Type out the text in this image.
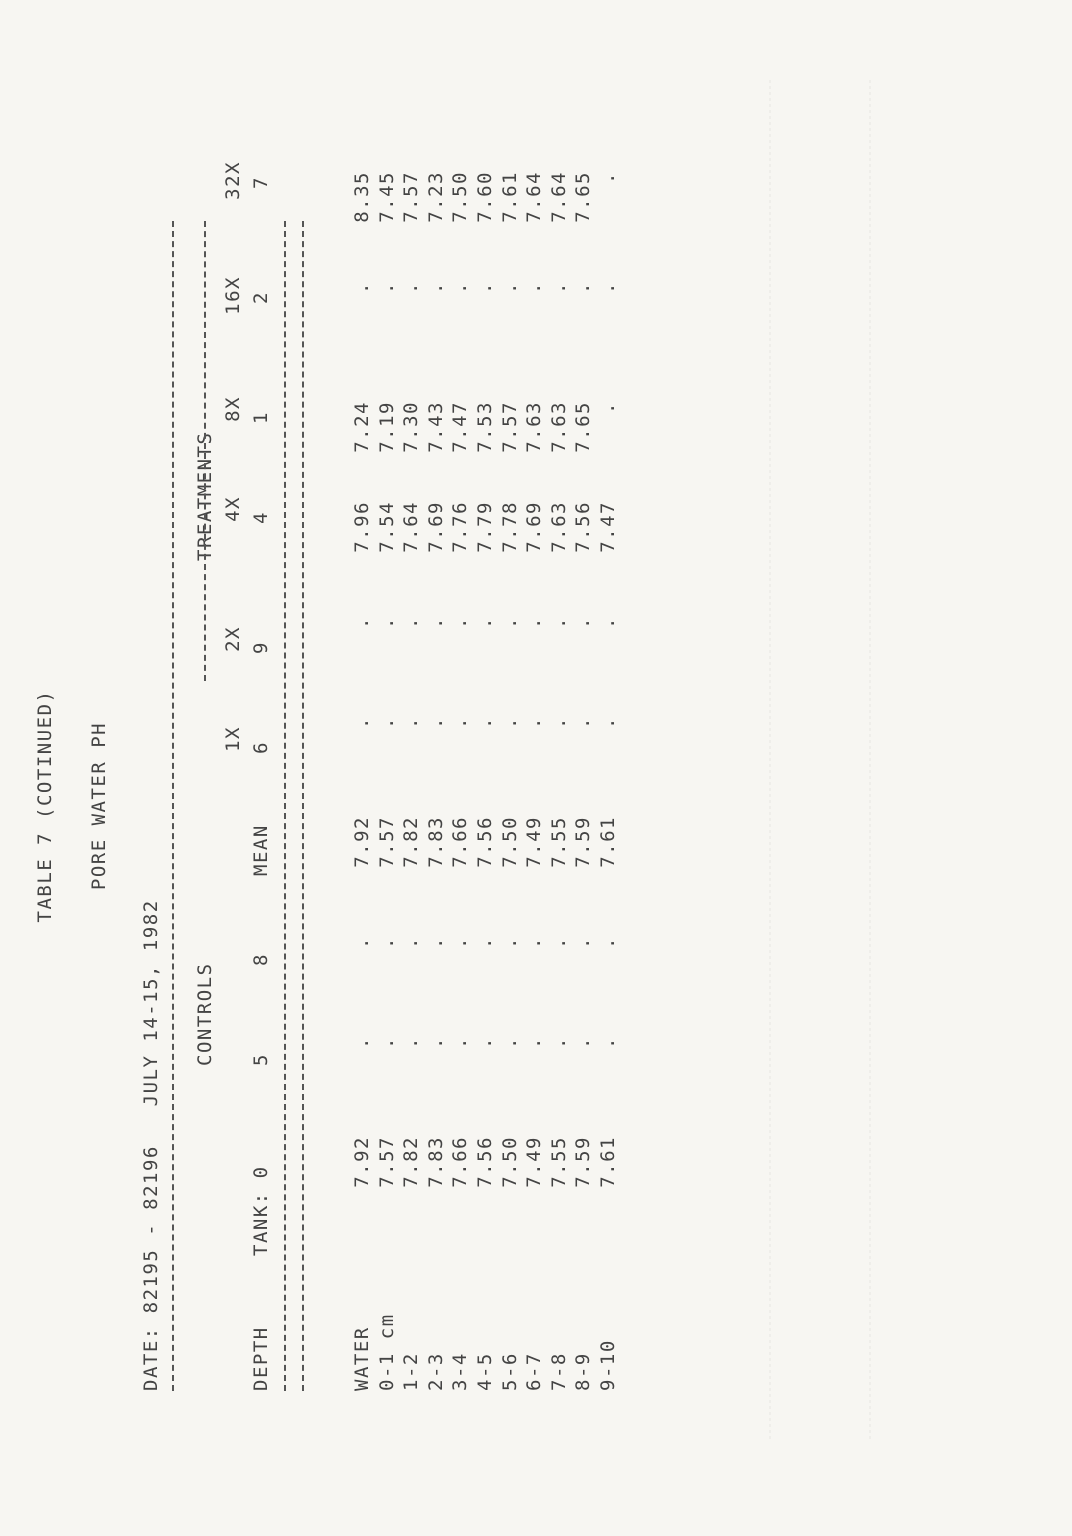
TABLE 7 (COTINUED) PORE WATER PH
DATE: 82195 - 82196   JULY 14-15, 1982 CONTROLS
TREATMENTS
1X
2X
4X
8X
16X
32X
DEPTH
TANK: 0
5
8
MEAN
6
9
4
1
2
7
WATER 0-1 cm 1-2 2-3 3-4 4-5 5-6 6-7 7-8 8-9 9-10
7.92 7.57 7.82 7.83 7.66 7.56 7.50 7.49 7.55 7.59 7.61
. . . . . . . . . . .
. . . . . . . . . . .
7.92 7.57 7.82 7.83 7.66 7.56 7.50 7.49 7.55 7.59 7.61
. . . . . . . . . . .
. . . . . . . . . . .
7.96 7.54 7.64 7.69 7.76 7.79 7.78 7.69 7.63 7.56 7.47
7.24 7.19 7.30 7.43 7.47 7.53 7.57 7.63 7.63 7.65 .
. . . . . . . . . . .
8.35 7.45 7.57 7.23 7.50 7.60 7.61 7.64 7.64 7.65 .
